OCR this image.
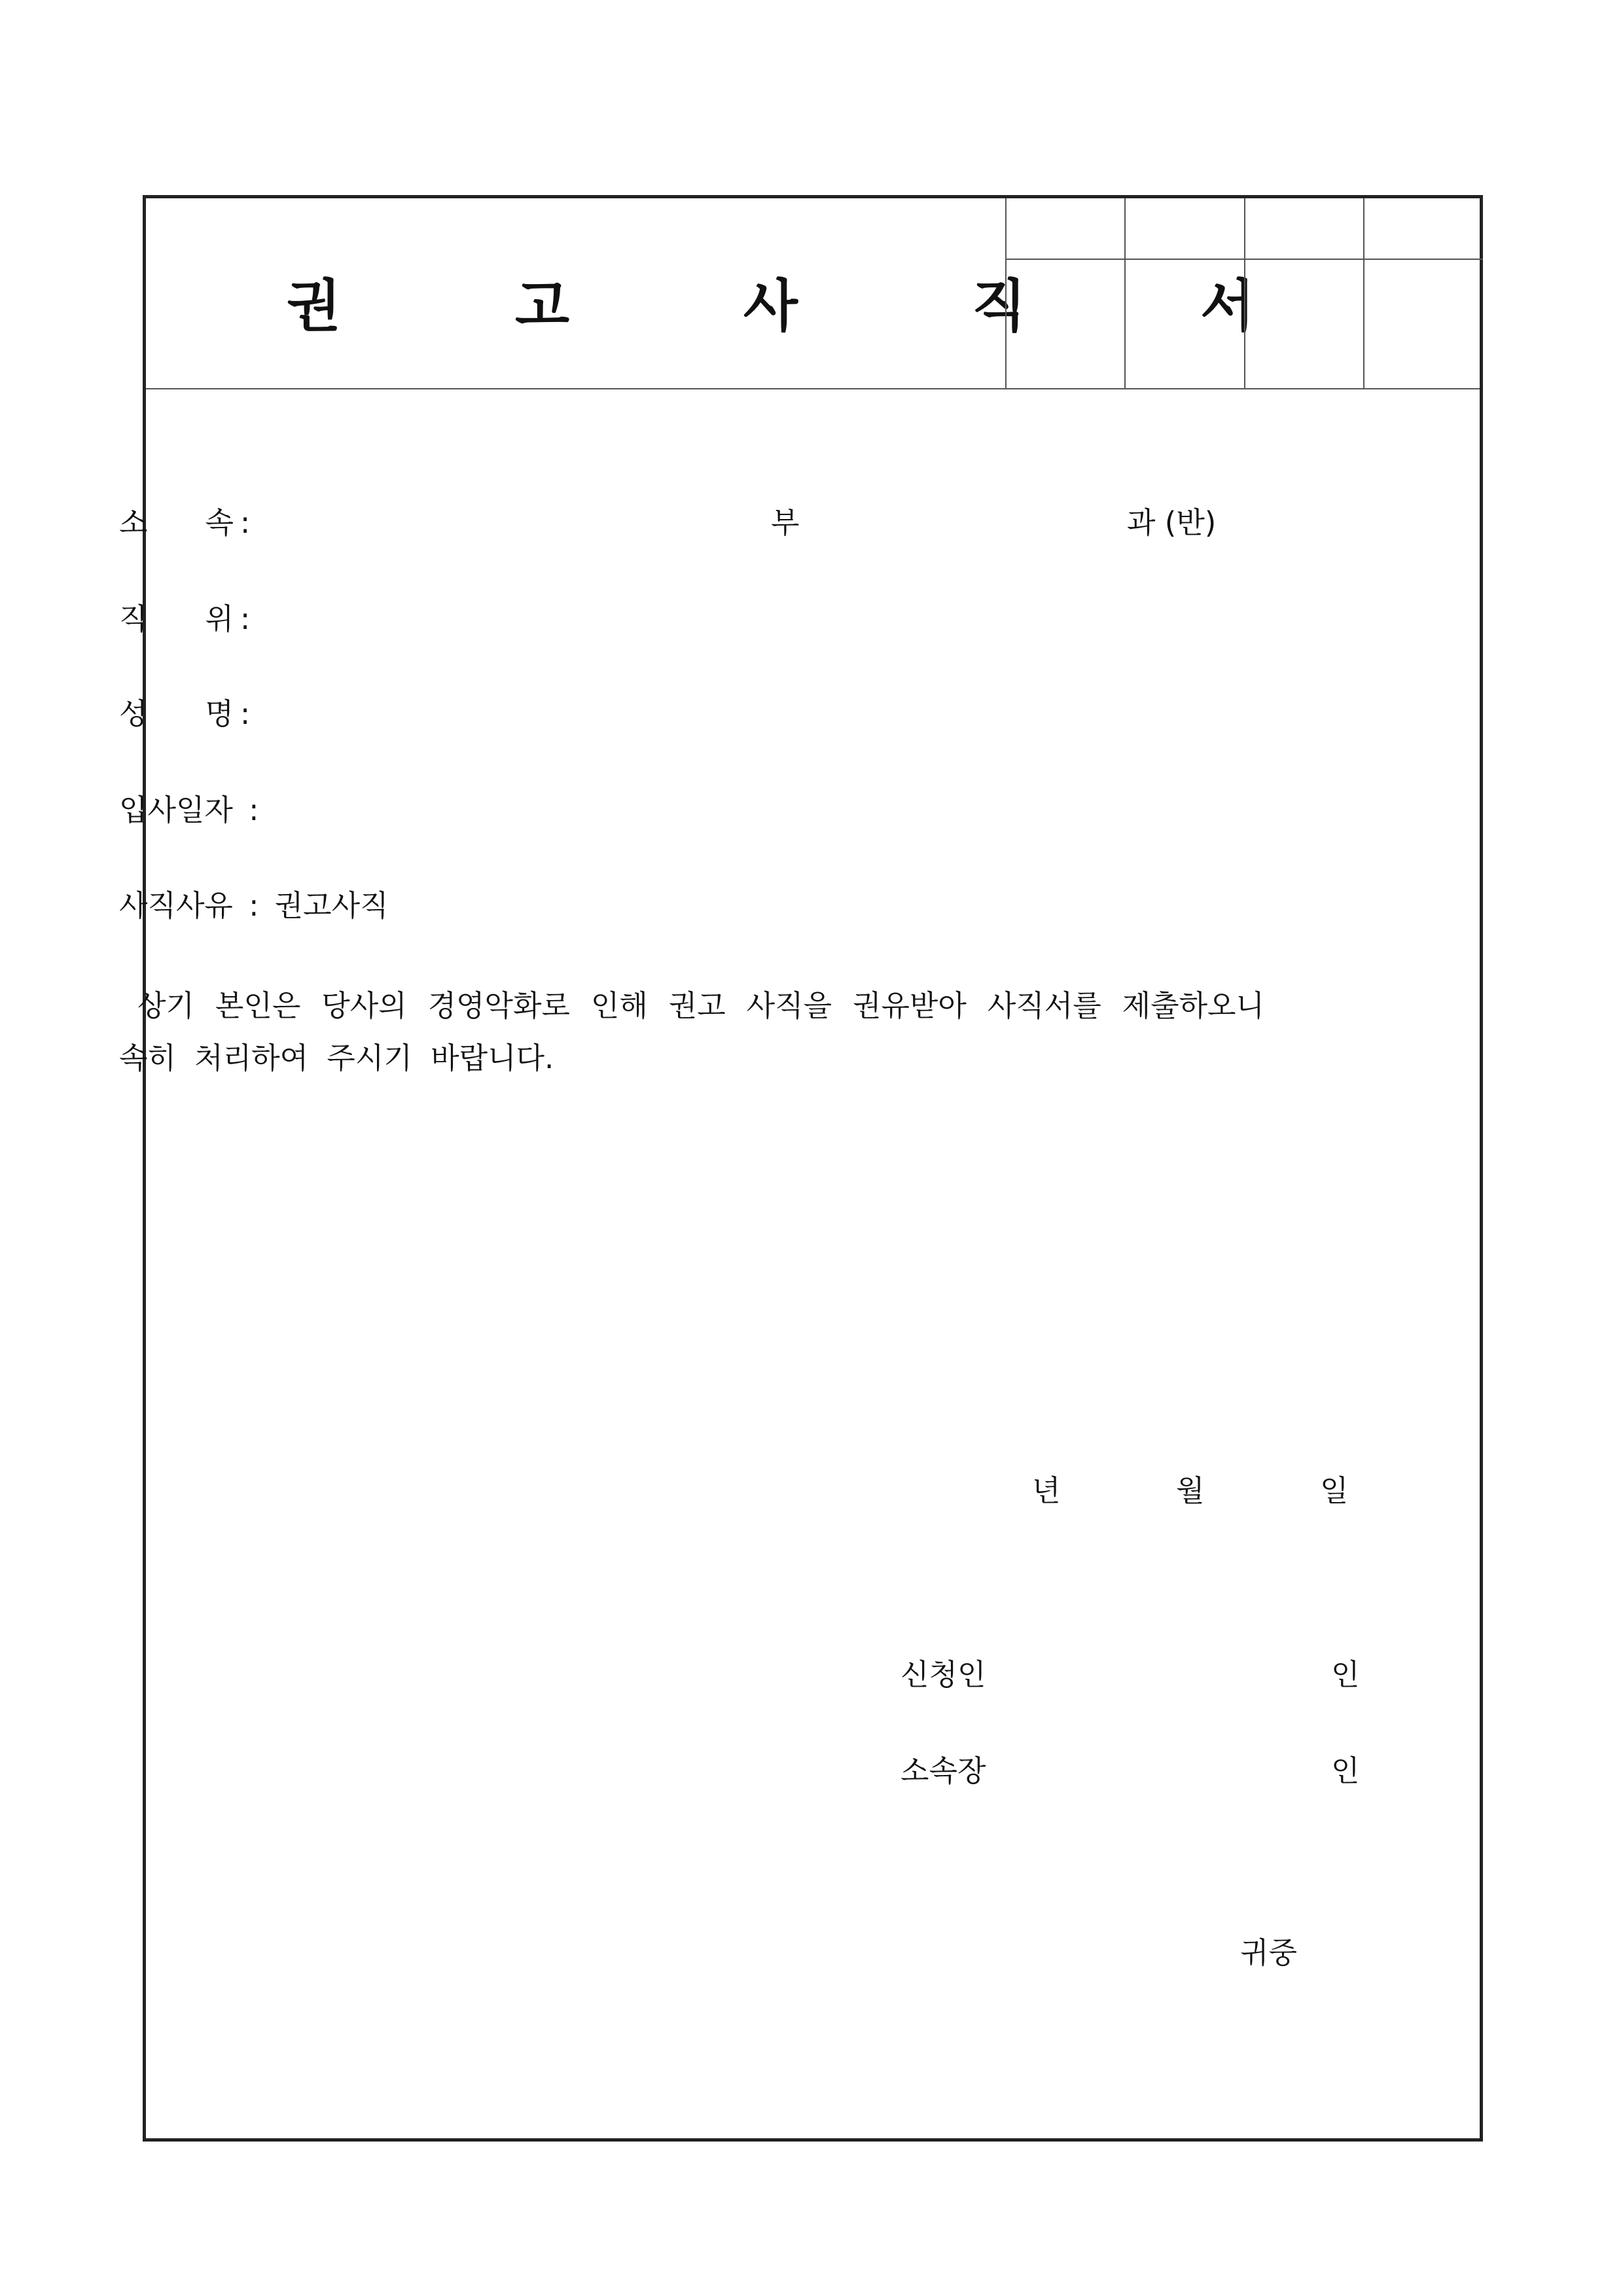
권 고 사 직 서

소 속 :	부	과 (반)
직 위 :
성 명 :
입사일자 :
사직사유 : 권고사직

상기 본인은 당사의 경영악화로 인해 권고 사직을 권유받아 사직서를 제출하오니 속히 처리하여 주시기 바랍니다.

년	월	일
신청인	인
소속장	인
귀중
